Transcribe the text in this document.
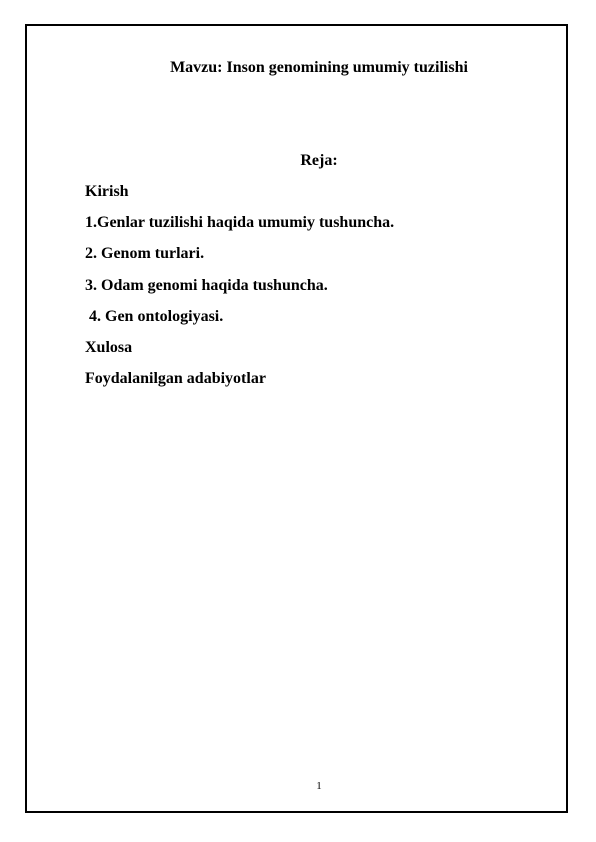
Mavzu: Inson genomining umumiy tuzilishi
Reja:
Kirish
1.Genlar tuzilishi haqida umumiy tushuncha.
2. Genom turlari.
3. Odam genomi haqida tushuncha.
4. Gen ontologiyasi.
Xulosa
Foydalanilgan adabiyotlar
1
